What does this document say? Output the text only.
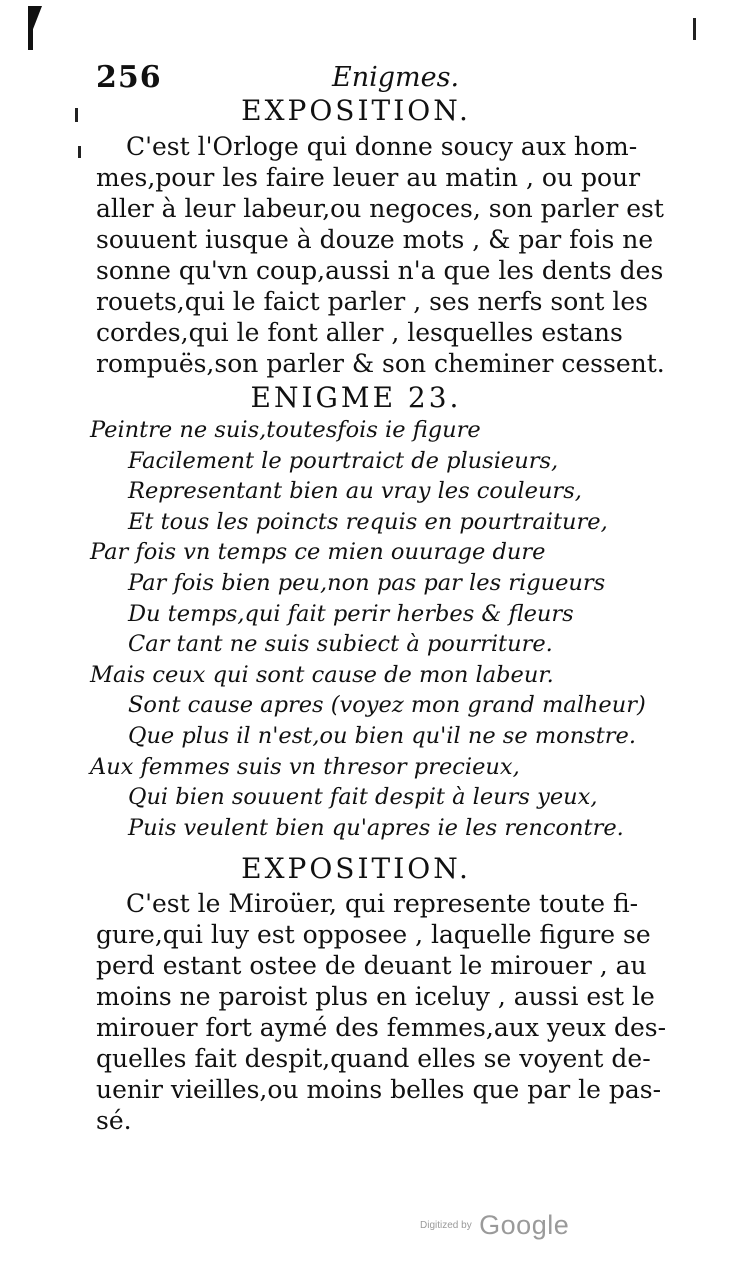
256	Enigmes.
EXPOSITION.
C'est l'Orloge qui donne soucy aux hom-
mes,pour les faire leuer au matin , ou pour
aller à leur labeur,ou negoces, son parler est
souuent iusque à douze mots , & par fois ne
sonne qu'vn coup,aussi n'a que les dents des
rouets,qui le faict parler , ses nerfs sont les
cordes,qui le font aller , lesquelles estans
rompuës,son parler & son cheminer cessent.
ENIGME 23.
Peintre ne suis,toutesfois ie figure
Facilement le pourtraict de plusieurs,
Representant bien au vray les couleurs,
Et tous les poincts requis en pourtraiture,
Par fois vn temps ce mien ouurage dure
Par fois bien peu,non pas par les rigueurs
Du temps,qui fait perir herbes & fleurs
Car tant ne suis subiect à pourriture.
Mais ceux qui sont cause de mon labeur.
Sont cause apres (voyez mon grand malheur)
Que plus il n'est,ou bien qu'il ne se monstre.
Aux femmes suis vn thresor precieux,
Qui bien souuent fait despit à leurs yeux,
Puis veulent bien qu'apres ie les rencontre.
EXPOSITION.
C'est le Miroüer, qui represente toute fi-
gure,qui luy est opposee , laquelle figure se
perd estant ostee de deuant le mirouer , au
moins ne paroist plus en iceluy , aussi est le
mirouer fort aymé des femmes,aux yeux des-
quelles fait despit,quand elles se voyent de-
uenir vieilles,ou moins belles que par le pas-
sé.
Digitized by Google
